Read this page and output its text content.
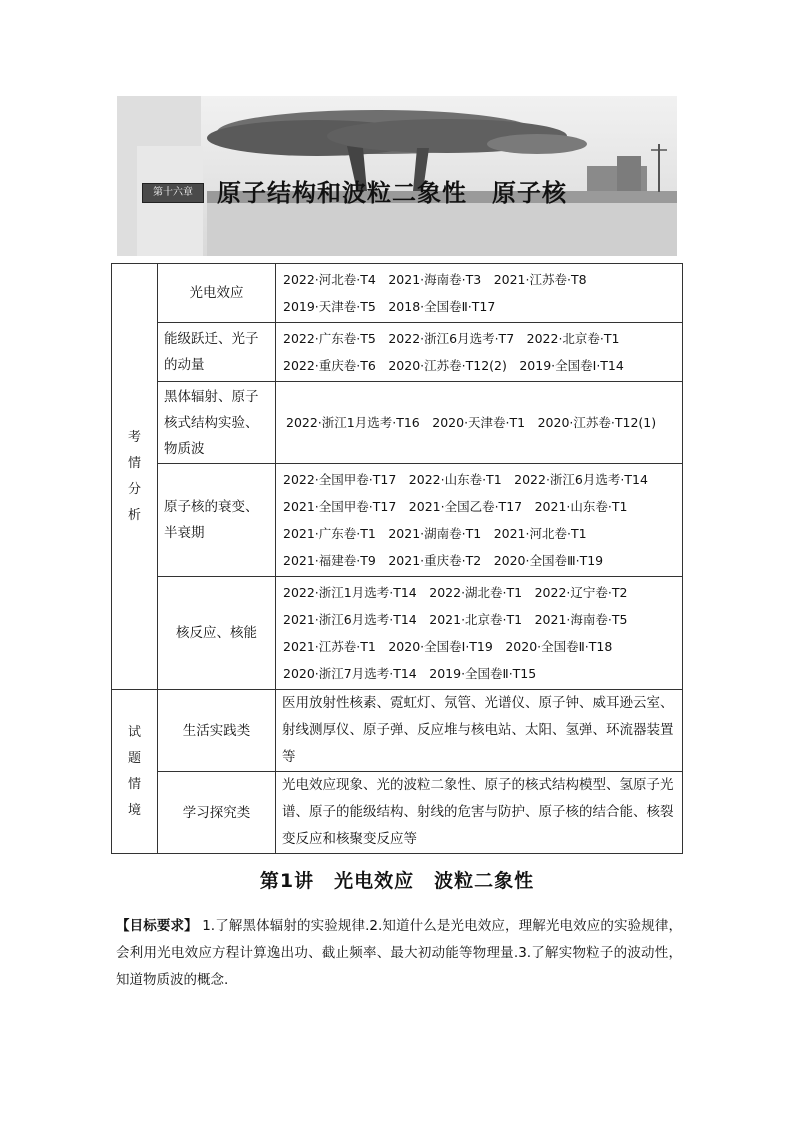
第十六章	原子结构和波粒二象性　原子核
考情分析	光电效应	2022·河北卷·T4　2021·海南卷·T3　2021·江苏卷·T8
2019·天津卷·T5　2018·全国卷Ⅱ·T17

	能级跃迁、光子的动量	2022·广东卷·T5　2022·浙江6月选考·T7　2022·北京卷·T1
2022·重庆卷·T6　2020·江苏卷·T12(2)　2019·全国卷Ⅰ·T14

	黑体辐射、原子核式结构实验、物质波	2022·浙江1月选考·T16　2020·天津卷·T1　2020·江苏卷·T12(1)

	原子核的衰变、半衰期	2022·全国甲卷·T17　2022·山东卷·T1　2022·浙江6月选考·T14
2021·全国甲卷·T17　2021·全国乙卷·T17　2021·山东卷·T1
2021·广东卷·T1　2021·湖南卷·T1　2021·河北卷·T1
2021·福建卷·T9　2021·重庆卷·T2　2020·全国卷Ⅲ·T19

	核反应、核能	2022·浙江1月选考·T14　2022·湖北卷·T1　2022·辽宁卷·T2
2021·浙江6月选考·T14　2021·北京卷·T1　2021·海南卷·T5
2021·江苏卷·T1　2020·全国卷Ⅰ·T19　2020·全国卷Ⅱ·T18
2020·浙江7月选考·T14　2019·全国卷Ⅱ·T15

试题情境	生活实践类	医用放射性核素、霓虹灯、氖管、光谱仪、原子钟、威耳逊云室、射线测厚仪、原子弹、反应堆与核电站、太阳、氢弹、环流器装置等
	学习探究类	光电效应现象、光的波粒二象性、原子的核式结构模型、氢原子光谱、原子的能级结构、射线的危害与防护、原子核的结合能、核裂变反应和核聚变反应等
第1讲　光电效应　波粒二象性
【目标要求】 1.了解黑体辐射的实验规律.2.知道什么是光电效应，理解光电效应的实验规律，会利用光电效应方程计算逸出功、截止频率、最大初动能等物理量.3.了解实物粒子的波动性，知道物质波的概念.
